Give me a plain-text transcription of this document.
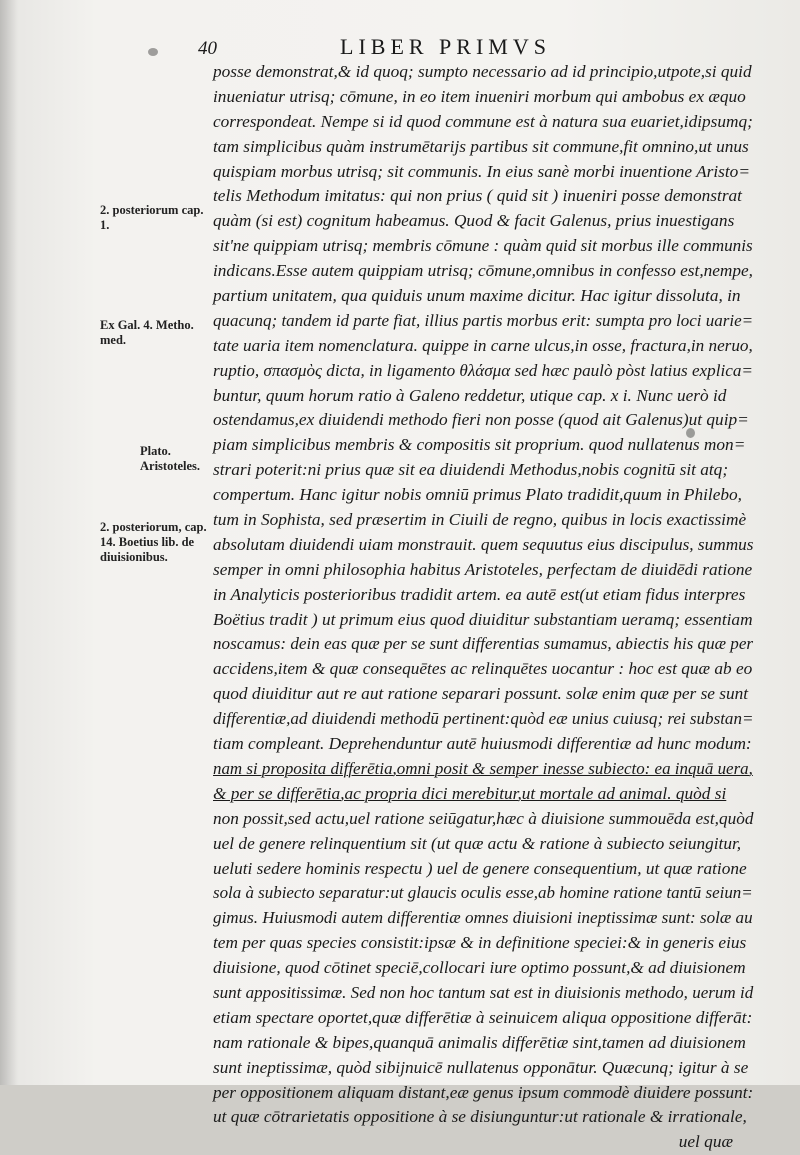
40	LIBER PRIMVS
2. posteriorum cap. 1.
Ex Gal. 4. Metho. med.
Plato. Aristoteles.
2. posteriorum, cap. 14. Boetius lib. de diuisionibus.
posse demonstrat,& id quoq; sumpto necessario ad id principio,utpote,si quid
inueniatur utrisq; cōmune, in eo item inueniri morbum qui ambobus ex æquo
correspondeat. Nempe si id quod commune est à natura sua euariet,idipsumq;
tam simplicibus quàm instrumētarijs partibus sit commune,fit omnino,ut unus
quispiam morbus utrisq; sit communis. In eius sanè morbi inuentione Aristo=
telis Methodum imitatus: qui non prius ( quid sit ) inueniri posse demonstrat
quàm (si est) cognitum habeamus. Quod & facit Galenus, prius inuestigans
sit'ne quippiam utrisq; membris cōmune : quàm quid sit morbus ille communis
indicans.Esse autem quippiam utrisq; cōmune,omnibus in confesso est,nempe,
partium unitatem, qua quiduis unum maxime dicitur. Hac igitur dissoluta, in
quacunq; tandem id parte fiat, illius partis morbus erit: sumpta pro loci uarie=
tate uaria item nomenclatura. quippe in carne ulcus,in osse, fractura,in neruo,
ruptio, σπασμὸς dicta, in ligamento θλάσμα sed hæc paulò pòst latius explica=
buntur, quum horum ratio à Galeno reddetur, utique cap. x i. Nunc uerò id
ostendamus,ex diuidendi methodo fieri non posse (quod ait Galenus)ut quip=
piam simplicibus membris & compositis sit proprium. quod nullatenus mon=
strari poterit:ni prius quæ sit ea diuidendi Methodus,nobis cognitū sit atq;
compertum. Hanc igitur nobis omniū primus Plato tradidit,quum in Philebo,
tum in Sophista, sed præsertim in Ciuili de regno, quibus in locis exactissimè
absolutam diuidendi uiam monstrauit. quem sequutus eius discipulus, summus
semper in omni philosophia habitus Aristoteles, perfectam de diuidēdi ratione
in Analyticis posterioribus tradidit artem. ea autē est(ut etiam fidus interpres
Boëtius tradit ) ut primum eius quod diuiditur substantiam ueramq; essentiam
noscamus: dein eas quæ per se sunt differentias sumamus, abiectis his quæ per
accidens,item & quæ consequētes ac relinquētes uocantur : hoc est quæ ab eo
quod diuiditur aut re aut ratione separari possunt. solæ enim quæ per se sunt
differentiæ,ad diuidendi methodū pertinent:quòd eæ unius cuiusq; rei substan=
tiam compleant. Deprehenduntur autē huiusmodi differentiæ ad hunc modum:
nam si proposita differētia,omni posit & semper inesse subiecto: ea inquā uera,
& per se differētia,ac propria dici merebitur,ut mortale ad animal. quòd si
non possit,sed actu,uel ratione seiūgatur,hæc à diuisione summouēda est,quòd
uel de genere relinquentium sit (ut quæ actu & ratione à subiecto seiungitur,
ueluti sedere hominis respectu ) uel de genere consequentium, ut quæ ratione
sola à subiecto separatur:ut glaucis oculis esse,ab homine ratione tantū seiun=
gimus. Huiusmodi autem differentiæ omnes diuisioni ineptissimæ sunt: solæ au
tem per quas species consistit:ipsæ & in definitione speciei:& in generis eius
diuisione, quod cōtinet speciē,collocari iure optimo possunt,& ad diuisionem
sunt appositissimæ. Sed non hoc tantum sat est in diuisionis methodo, uerum id
etiam spectare oportet,quæ differētiæ à seinuicem aliqua oppositione differāt:
nam rationale & bipes,quanquā animalis differētiæ sint,tamen ad diuisionem
sunt ineptissimæ, quòd sibijnuicē nullatenus opponātur. Quæcunq; igitur à se
per oppositionem aliquam distant,eæ genus ipsum commodè diuidere possunt:
ut quæ cōtrarietatis oppositione à se disiunguntur:ut rationale & irrationale,
uel quæ
